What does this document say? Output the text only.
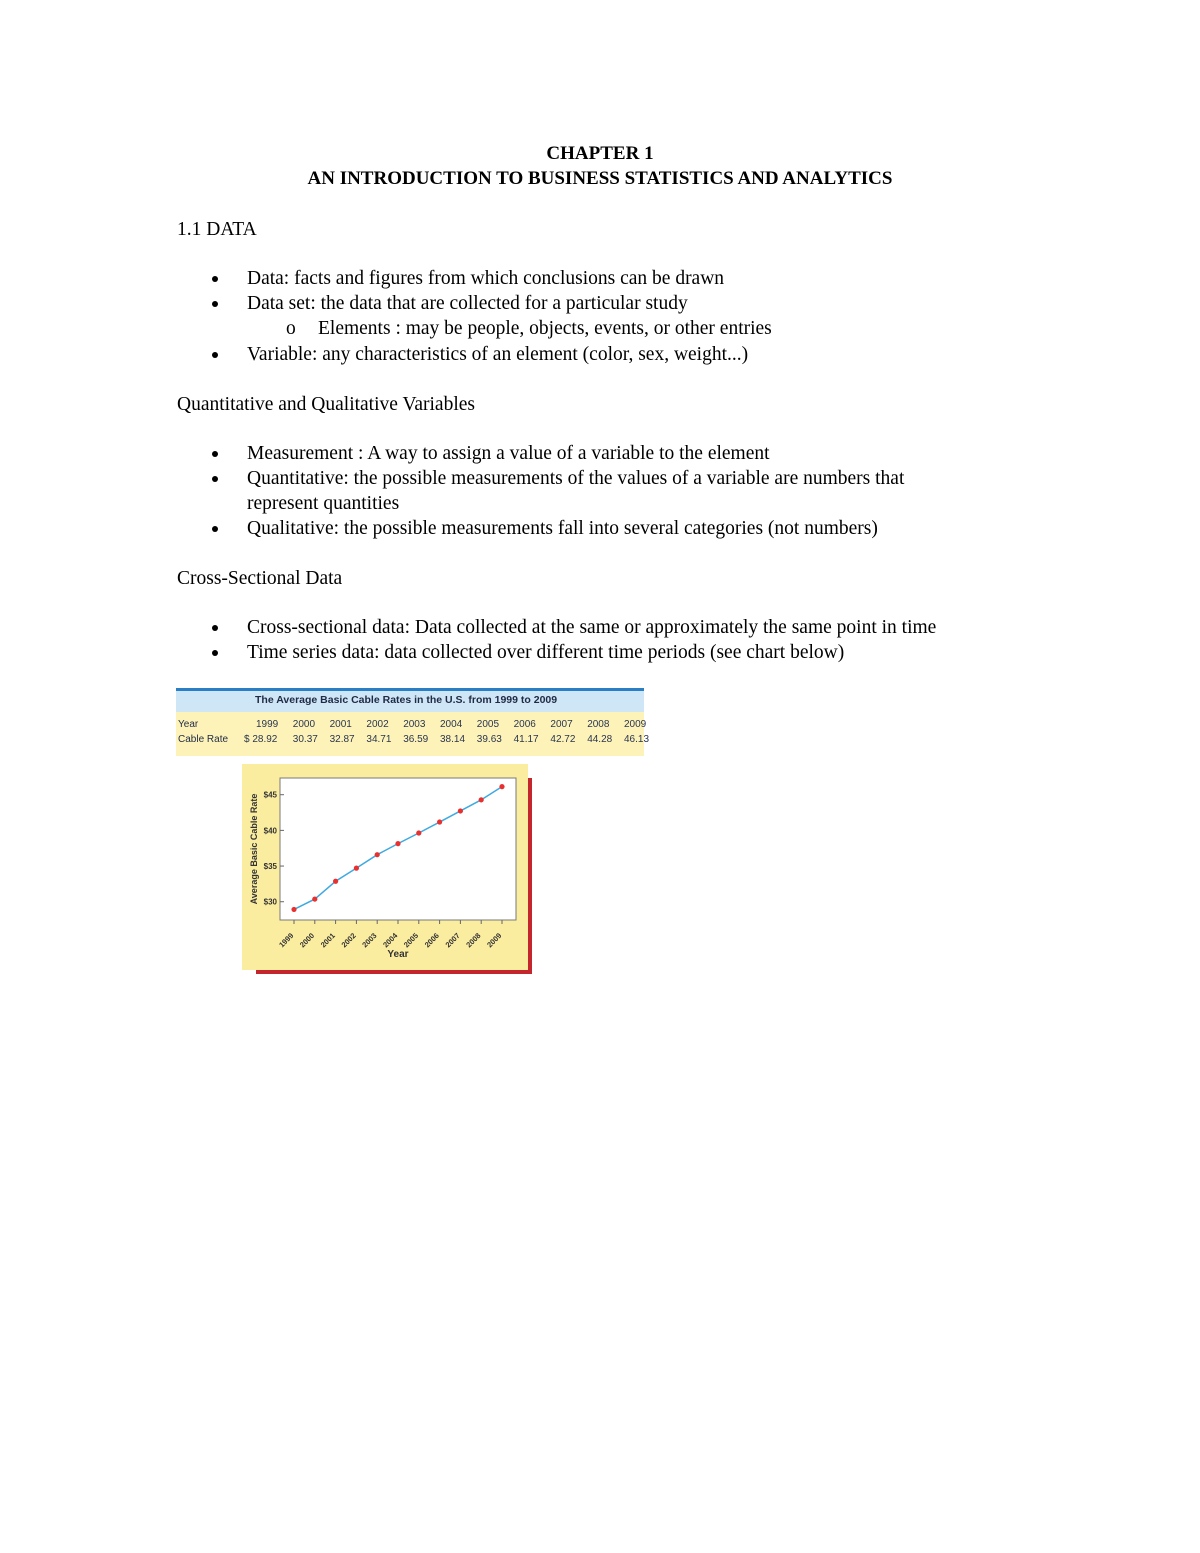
CHAPTER 1
AN INTRODUCTION TO BUSINESS STATISTICS AND ANALYTICS
1.1 DATA
Data: facts and figures from which conclusions can be drawn
Data set: the data that are collected for a particular study
o Elements : may be people, objects, events, or other entries
Variable: any characteristics of an element (color, sex, weight...)
Quantitative and Qualitative Variables
Measurement : A way to assign a value of a variable to the element
Quantitative: the possible measurements of the values of a variable are numbers that
represent quantities
Qualitative: the possible measurements fall into several categories (not numbers)
Cross-Sectional Data
Cross-sectional data: Data collected at the same or approximately the same point in time
Time series data: data collected over different time periods (see chart below)
The Average Basic Cable Rates in the U.S. from 1999 to 2009
Year	1999 2000 2001 2002 2003 2004 2005 2006 2007 2008 2009
Cable Rate $ 28.92 30.37 32.87 34.71 36.59 38.14 39.63 41.17 42.72 44.28 46.13
$30
$35
$40
$45
1999 2000 2001 2002 2003 2004 2005 2006 2007 2008 2009
Year
Average Basic Cable Rate
